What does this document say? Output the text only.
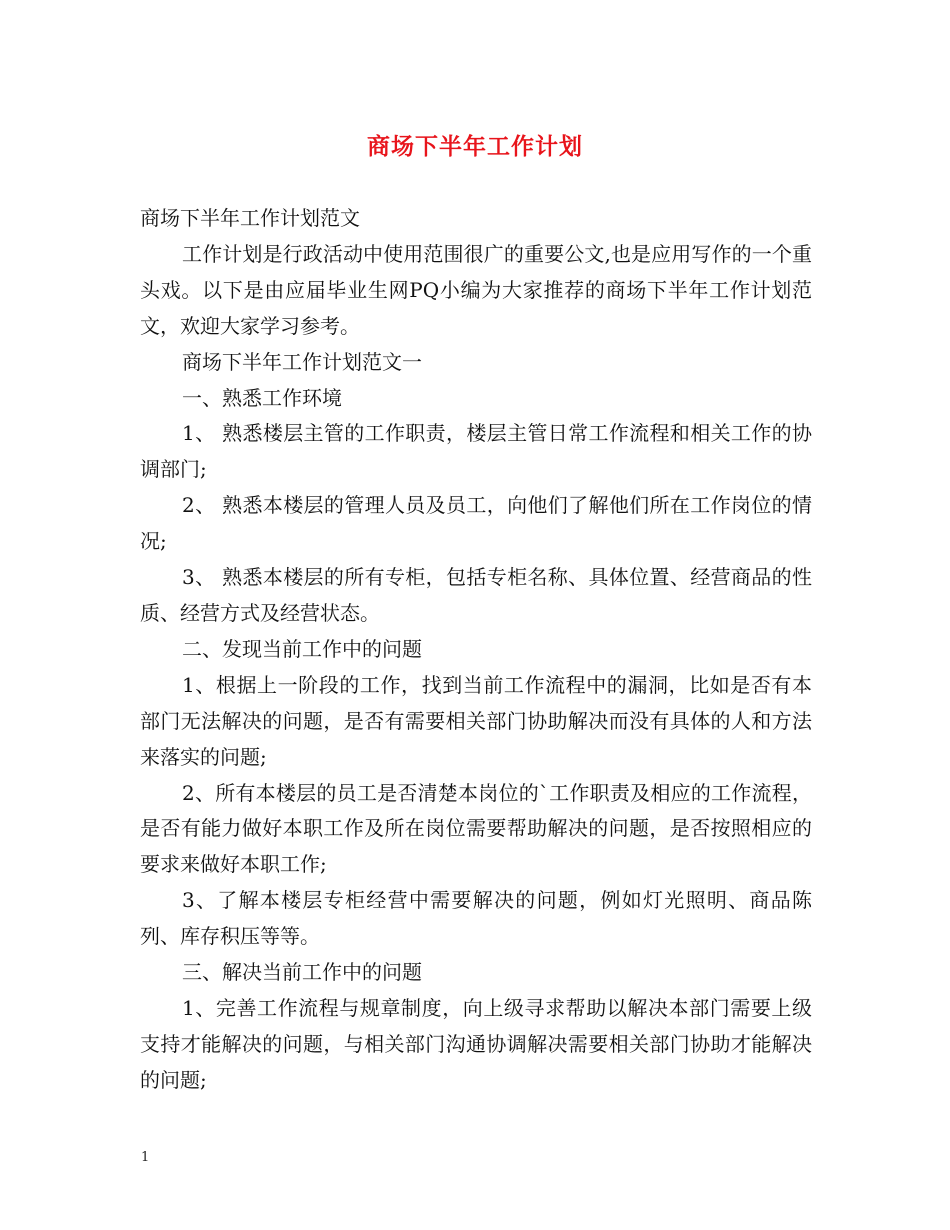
商场下半年工作计划

商场下半年工作计划范文

工作计划是行政活动中使用范围很广的重要公文,也是应用写作的一个重头戏。以下是由应届毕业生网PQ小编为大家推荐的商场下半年工作计划范文，欢迎大家学习参考。

商场下半年工作计划范文一

一、熟悉工作环境

1、 熟悉楼层主管的工作职责，楼层主管日常工作流程和相关工作的协调部门;

2、 熟悉本楼层的管理人员及员工，向他们了解他们所在工作岗位的情况;

3、 熟悉本楼层的所有专柜，包括专柜名称、具体位置、经营商品的性质、经营方式及经营状态。

二、发现当前工作中的问题

1、根据上一阶段的工作，找到当前工作流程中的漏洞，比如是否有本部门无法解决的问题，是否有需要相关部门协助解决而没有具体的人和方法来落实的问题;

2、所有本楼层的员工是否清楚本岗位的`工作职责及相应的工作流程，是否有能力做好本职工作及所在岗位需要帮助解决的问题，是否按照相应的要求来做好本职工作;

3、了解本楼层专柜经营中需要解决的问题，例如灯光照明、商品陈列、库存积压等等。

三、解决当前工作中的问题

1、完善工作流程与规章制度，向上级寻求帮助以解决本部门需要上级支持才能解决的问题，与相关部门沟通协调解决需要相关部门协助才能解决的问题;

1
